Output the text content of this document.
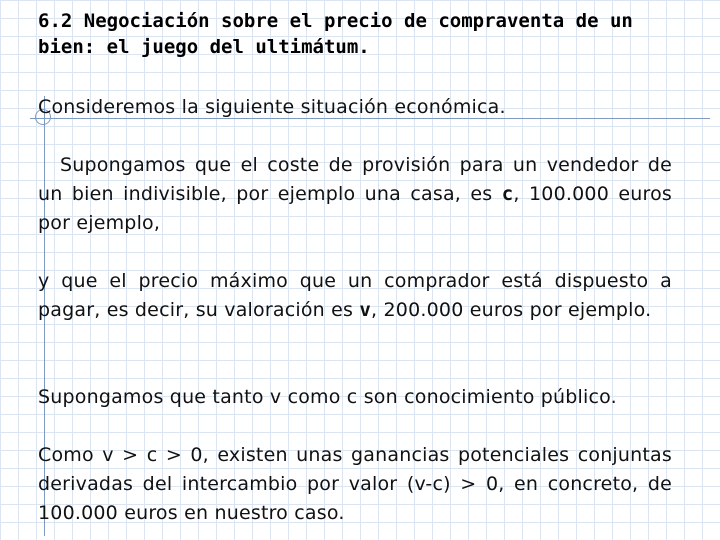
6.2 Negociación sobre el precio de compraventa de un bien: el juego del ultimátum.
Consideremos la siguiente situación económica.
Supongamos que el coste de provisión para un vendedor de un bien indivisible, por ejemplo una casa, es c, 100.000 euros por ejemplo,
y que el precio máximo que un comprador está dispuesto a pagar, es decir, su valoración es v, 200.000 euros por ejemplo.
Supongamos que tanto v como c son conocimiento público.
Como v > c > 0, existen unas ganancias potenciales conjuntas derivadas del intercambio por valor (v-c) > 0, en concreto, de 100.000 euros en nuestro caso.
